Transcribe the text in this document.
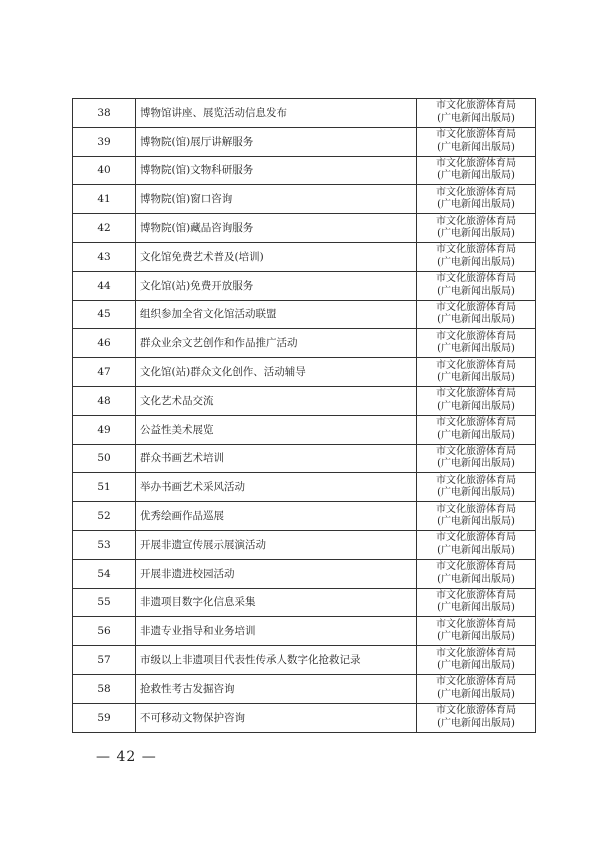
38	博物馆讲座、展览活动信息发布	市文化旅游体育局
(广电新闻出版局)

39	博物院(馆)展厅讲解服务	市文化旅游体育局
(广电新闻出版局)

40	博物院(馆)文物科研服务	市文化旅游体育局
(广电新闻出版局)

41	博物院(馆)窗口咨询	市文化旅游体育局
(广电新闻出版局)

42	博物院(馆)藏品咨询服务	市文化旅游体育局
(广电新闻出版局)

43	文化馆免费艺术普及(培训)	市文化旅游体育局
(广电新闻出版局)

44	文化馆(站)免费开放服务	市文化旅游体育局
(广电新闻出版局)

45	组织参加全省文化馆活动联盟	市文化旅游体育局
(广电新闻出版局)

46	群众业余文艺创作和作品推广活动	市文化旅游体育局
(广电新闻出版局)

47	文化馆(站)群众文化创作、活动辅导	市文化旅游体育局
(广电新闻出版局)

48	文化艺术品交流	市文化旅游体育局
(广电新闻出版局)

49	公益性美术展览	市文化旅游体育局
(广电新闻出版局)

50	群众书画艺术培训	市文化旅游体育局
(广电新闻出版局)

51	举办书画艺术采风活动	市文化旅游体育局
(广电新闻出版局)

52	优秀绘画作品巡展	市文化旅游体育局
(广电新闻出版局)

53	开展非遗宣传展示展演活动	市文化旅游体育局
(广电新闻出版局)

54	开展非遗进校园活动	市文化旅游体育局
(广电新闻出版局)

55	非遗项目数字化信息采集	市文化旅游体育局
(广电新闻出版局)

56	非遗专业指导和业务培训	市文化旅游体育局
(广电新闻出版局)

57	市级以上非遗项目代表性传承人数字化抢救记录	市文化旅游体育局
(广电新闻出版局)

58	抢救性考古发掘咨询	市文化旅游体育局
(广电新闻出版局)

59	不可移动文物保护咨询	市文化旅游体育局
(广电新闻出版局)
— 42 —
